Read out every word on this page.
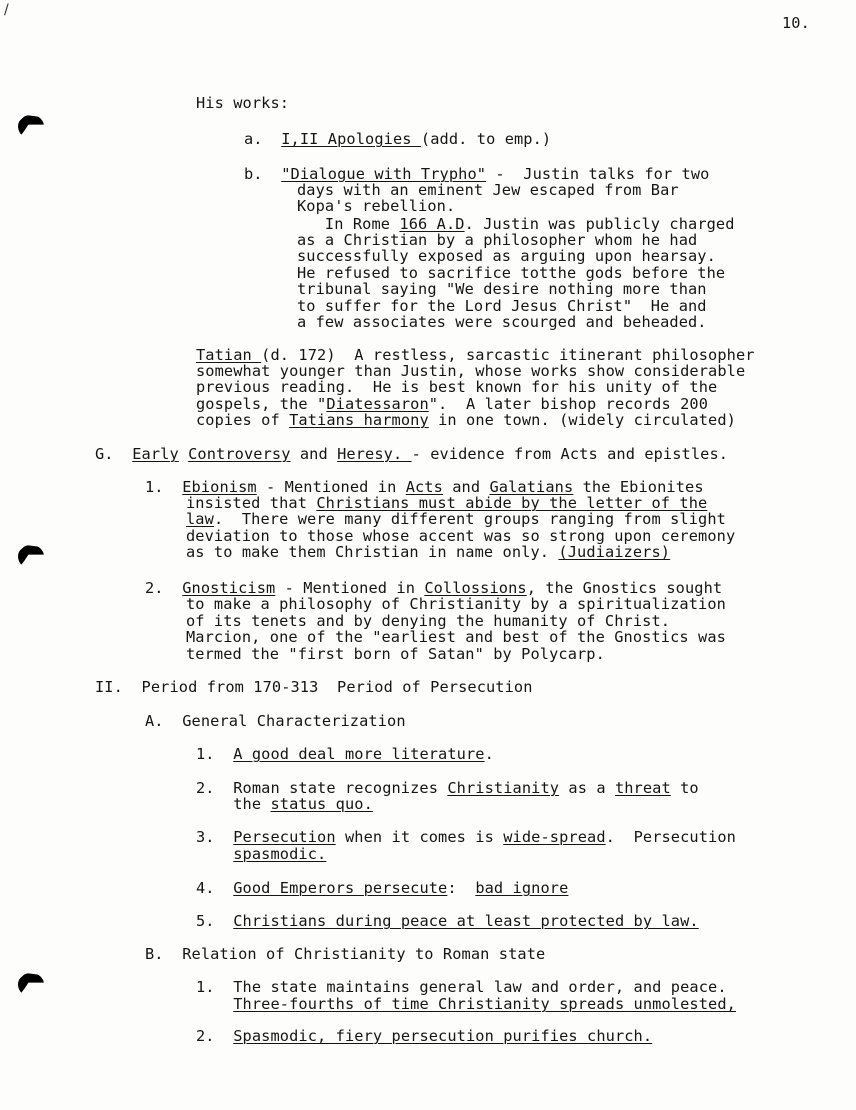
/
10.
His works:
a.  I,II Apologies (add. to emp.)
b.  "Dialogue with Trypho" -  Justin talks for two
days with an eminent Jew escaped from Bar
Kopa's rebellion.
In Rome 166 A.D. Justin was publicly charged
as a Christian by a philosopher whom he had
successfully exposed as arguing upon hearsay.
He refused to sacrifice totthe gods before the
tribunal saying "We desire nothing more than
to suffer for the Lord Jesus Christ"  He and
a few associates were scourged and beheaded.
Tatian (d. 172)  A restless, sarcastic itinerant philosopher
somewhat younger than Justin, whose works show considerable
previous reading.  He is best known for his unity of the
gospels, the "Diatessaron".  A later bishop records 200
copies of Tatians harmony in one town. (widely circulated)
G.  Early Controversy and Heresy. - evidence from Acts and epistles.
1.  Ebionism - Mentioned in Acts and Galatians the Ebionites
insisted that Christians must abide by the letter of the
law.  There were many different groups ranging from slight
deviation to those whose accent was so strong upon ceremony
as to make them Christian in name only. (Judiaizers)
2.  Gnosticism - Mentioned in Collossions, the Gnostics sought
to make a philosophy of Christianity by a spiritualization
of its tenets and by denying the humanity of Christ.
Marcion, one of the "earliest and best of the Gnostics was
termed the "first born of Satan" by Polycarp.
II.  Period from 170-313  Period of Persecution
A.  General Characterization
1.  A good deal more literature.
2.  Roman state recognizes Christianity as a threat to
the status quo.
3.  Persecution when it comes is wide-spread.  Persecution
spasmodic.
4.  Good Emperors persecute:  bad ignore
5.  Christians during peace at least protected by law.
B.  Relation of Christianity to Roman state
1.  The state maintains general law and order, and peace.
Three-fourths of time Christianity spreads unmolested,
2.  Spasmodic, fiery persecution purifies church.
